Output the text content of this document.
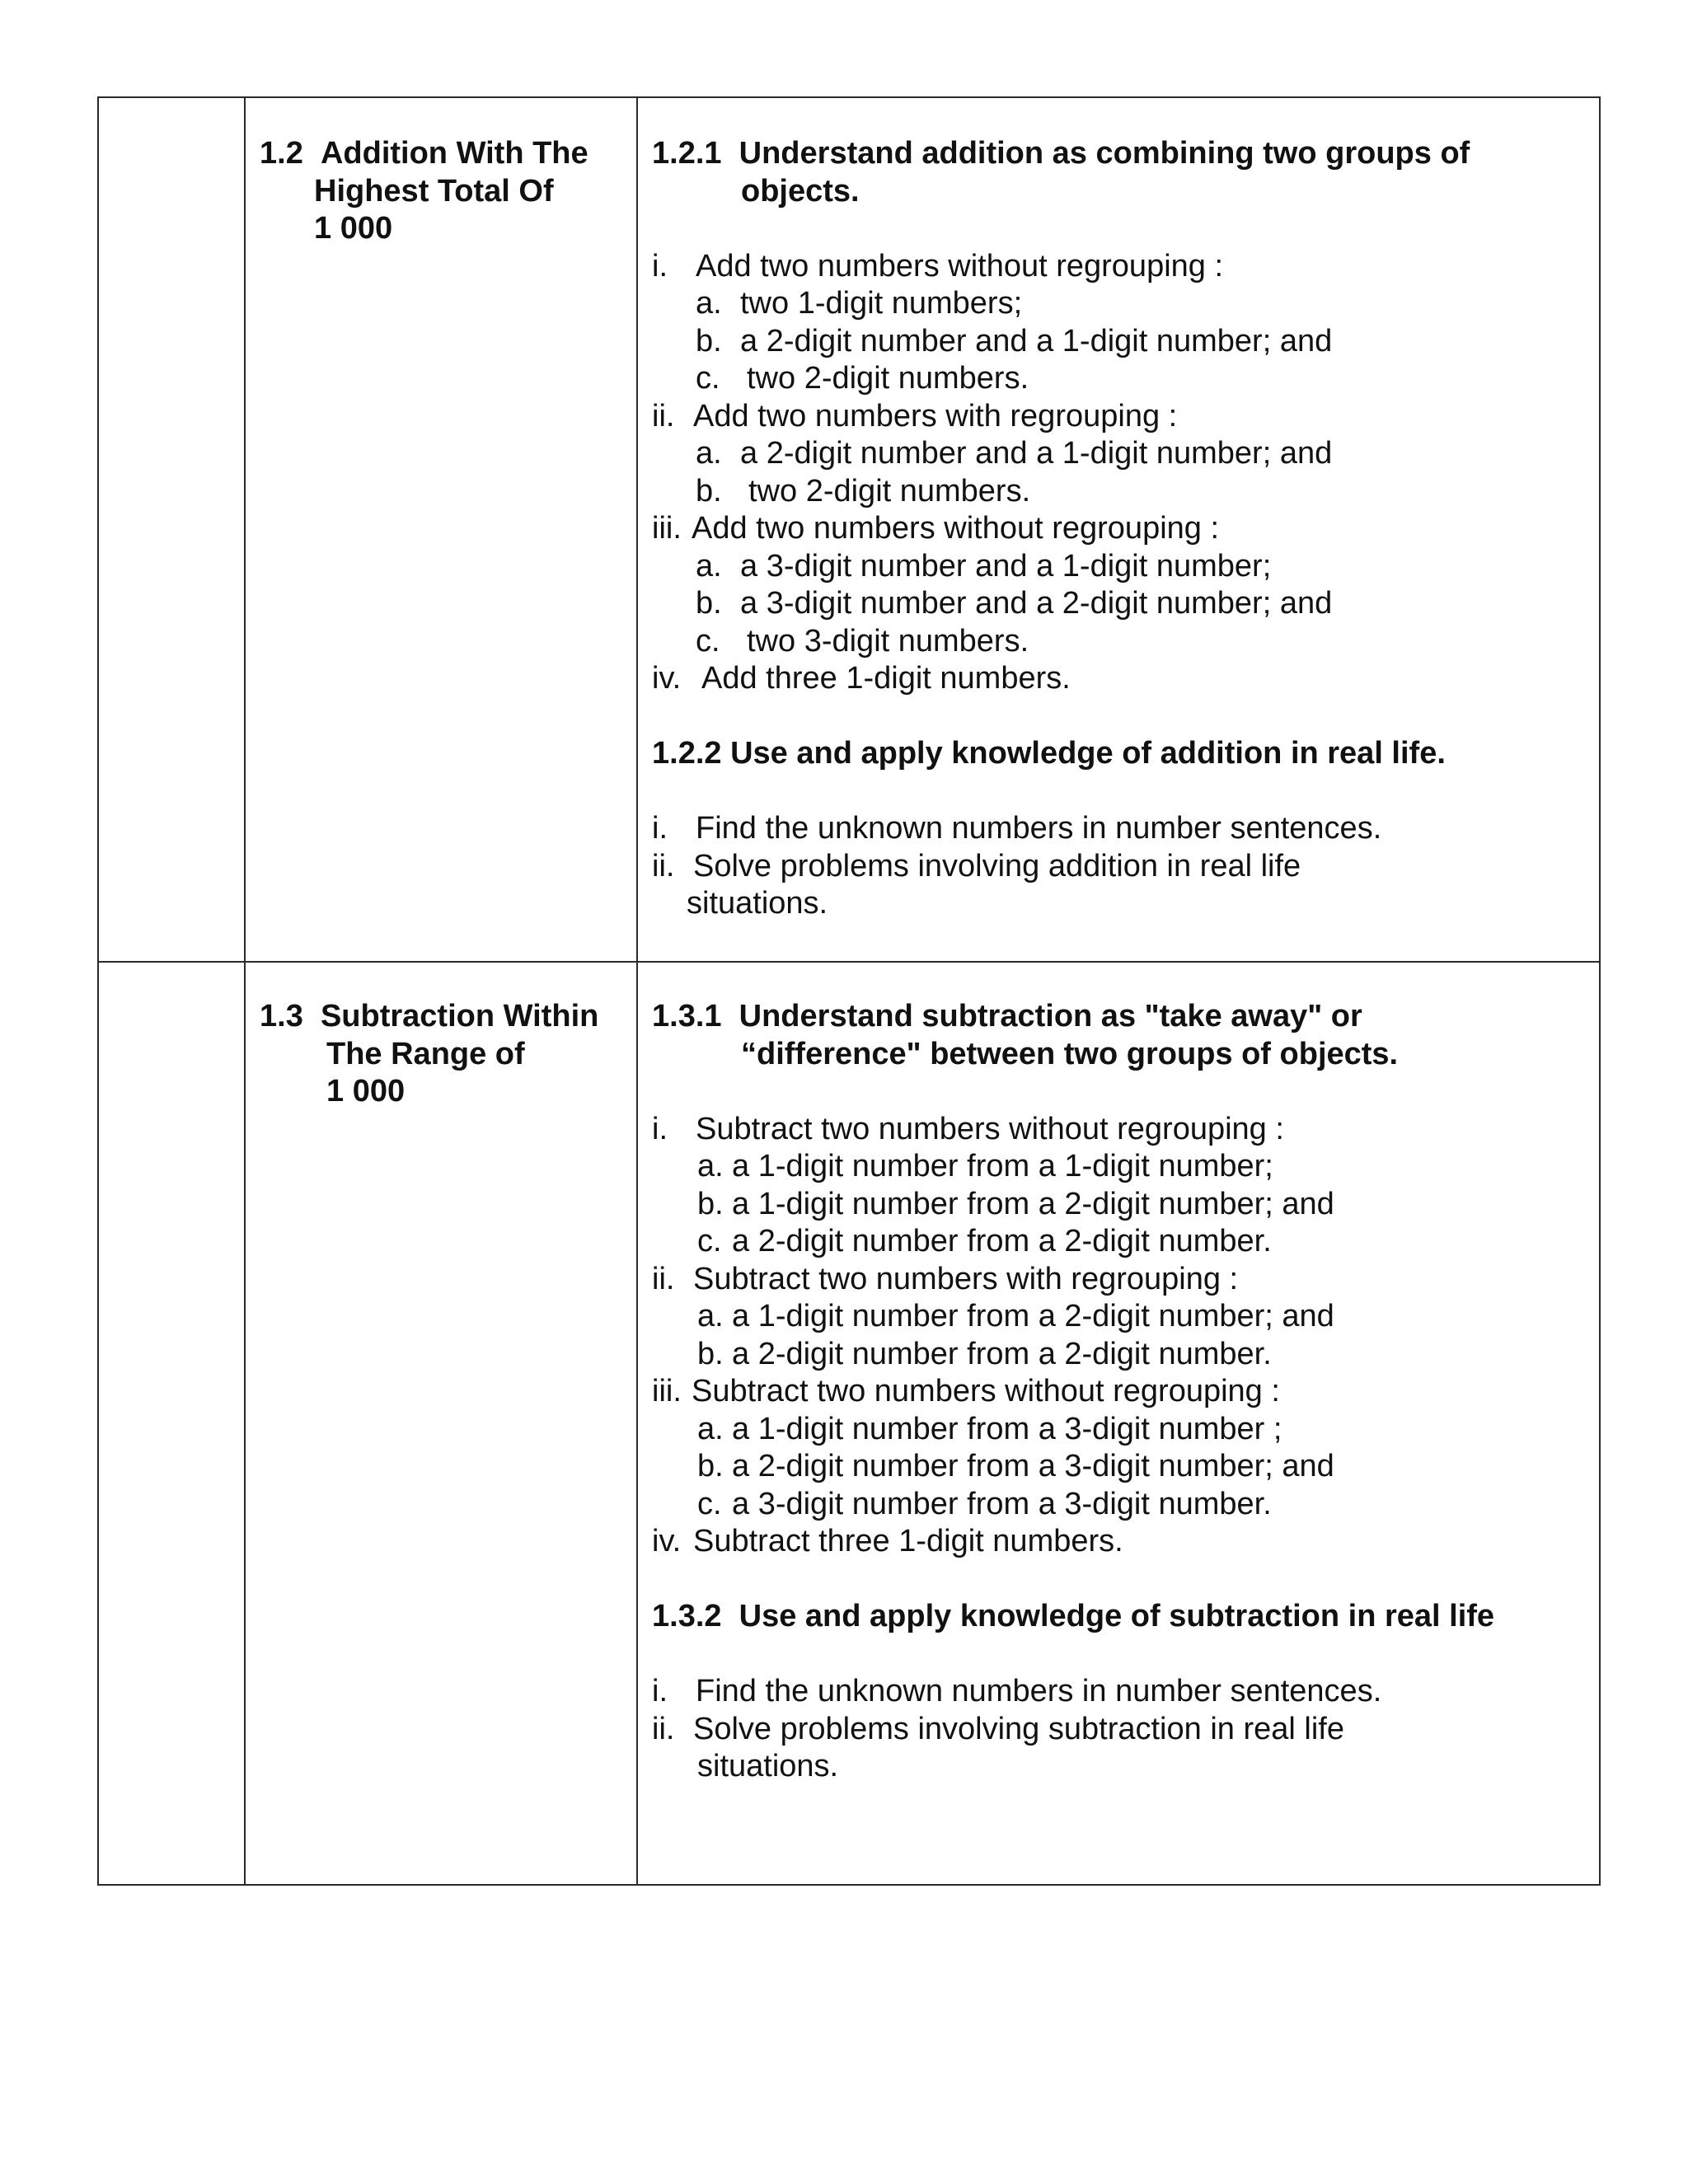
1.2 Addition With The
Highest Total Of
1 000
1.2.1 Understand addition as combining two groups of
objects.
i. Add two numbers without regrouping :
a. two 1-digit numbers;
b. a 2-digit number and a 1-digit number; and
c. two 2-digit numbers.
ii. Add two numbers with regrouping :
a. a 2-digit number and a 1-digit number; and
b. two 2-digit numbers.
iii. Add two numbers without regrouping :
a. a 3-digit number and a 1-digit number;
b. a 3-digit number and a 2-digit number; and
c. two 3-digit numbers.
iv. Add three 1-digit numbers.
1.2.2 Use and apply knowledge of addition in real life.
i. Find the unknown numbers in number sentences.
ii. Solve problems involving addition in real life
situations.
1.3 Subtraction Within
The Range of
1 000
1.3.1 Understand subtraction as "take away" or
“difference" between two groups of objects.
i. Subtract two numbers without regrouping :
a. a 1-digit number from a 1-digit number;
b. a 1-digit number from a 2-digit number; and
c. a 2-digit number from a 2-digit number.
ii. Subtract two numbers with regrouping :
a. a 1-digit number from a 2-digit number; and
b. a 2-digit number from a 2-digit number.
iii. Subtract two numbers without regrouping :
a. a 1-digit number from a 3-digit number ;
b. a 2-digit number from a 3-digit number; and
c. a 3-digit number from a 3-digit number.
iv. Subtract three 1-digit numbers.
1.3.2 Use and apply knowledge of subtraction in real life
i. Find the unknown numbers in number sentences.
ii. Solve problems involving subtraction in real life
situations.
